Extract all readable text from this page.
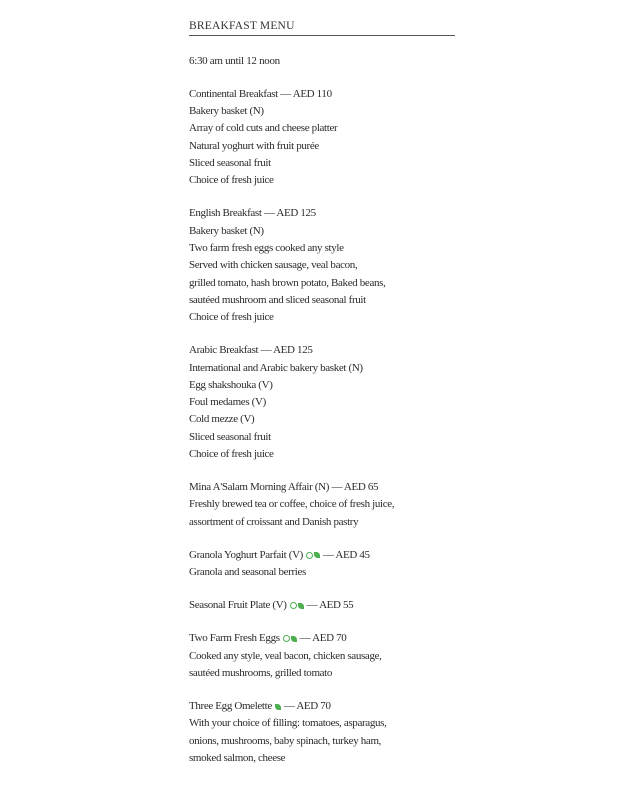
BREAKFAST MENU
6:30 am until 12 noon
Continental Breakfast
— AED 110
Bakery basket (N)
Array of cold cuts and cheese platter
Natural yoghurt with fruit purée
Sliced seasonal fruit
Choice of fresh juice
English Breakfast
— AED 125
Bakery basket (N)
Two farm fresh eggs cooked any style
Served with chicken sausage, veal bacon,
grilled tomato, hash brown potato, Baked beans,
sautéed mushroom and sliced seasonal fruit
Choice of fresh juice
Arabic Breakfast
— AED 125
International and Arabic bakery basket (N)
Egg shakshouka (V)
Foul medames (V)
Cold mezze (V)
Sliced seasonal fruit
Choice of fresh juice
Mina A'Salam Morning Affair (N)
— AED 65
Freshly brewed tea or coffee, choice of fresh juice,
assortment of croissant and Danish pastry
Granola Yoghurt Parfait (V) — AED 45
Granola and seasonal berries
Seasonal Fruit Plate (V) — AED 55
Two Farm Fresh Eggs — AED 70
Cooked any style, veal bacon, chicken sausage,
sautéed mushrooms, grilled tomato
Three Egg Omelette — AED 70
With your choice of filling: tomatoes, asparagus,
onions, mushrooms, baby spinach, turkey ham,
smoked salmon, cheese
